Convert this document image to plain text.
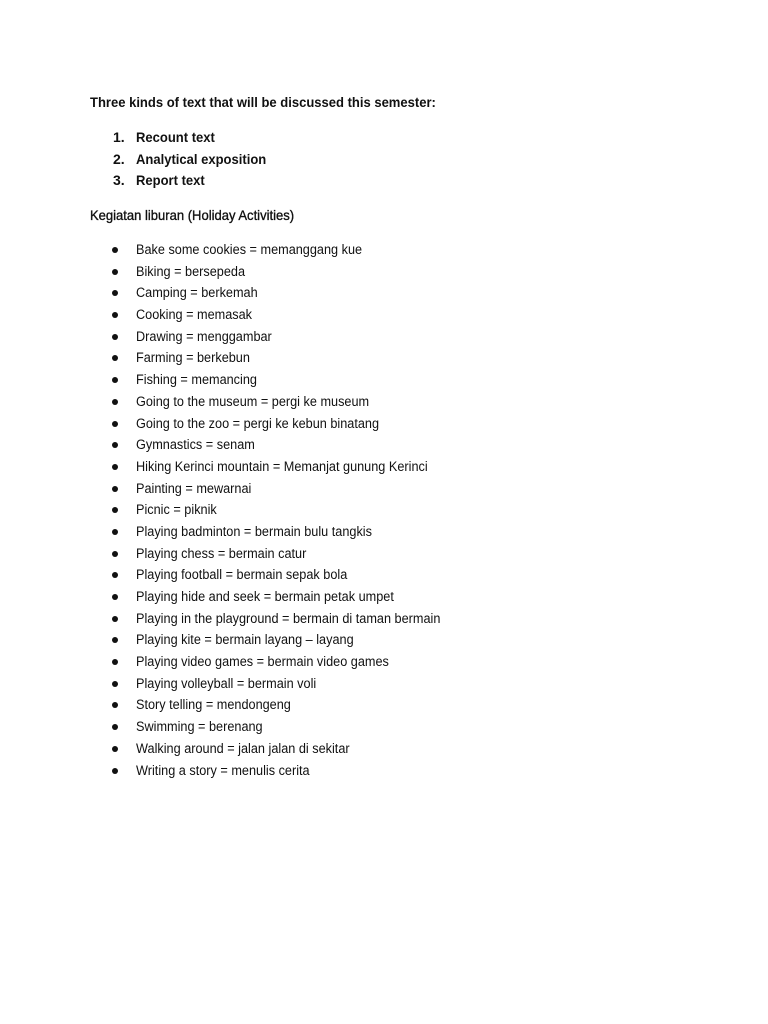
Three kinds of text that will be discussed this semester:
1. Recount text
2. Analytical exposition
3. Report text
Kegiatan liburan (Holiday Activities)
Bake some cookies = memanggang kue
Biking = bersepeda
Camping = berkemah
Cooking = memasak
Drawing = menggambar
Farming = berkebun
Fishing = memancing
Going to the museum = pergi ke museum
Going to the zoo = pergi ke kebun binatang
Gymnastics = senam
Hiking Kerinci mountain = Memanjat gunung Kerinci
Painting = mewarnai
Picnic = piknik
Playing badminton = bermain bulu tangkis
Playing chess = bermain catur
Playing football = bermain sepak bola
Playing hide and seek = bermain petak umpet
Playing in the playground = bermain di taman bermain
Playing kite = bermain layang – layang
Playing video games = bermain video games
Playing volleyball = bermain voli
Story telling = mendongeng
Swimming = berenang
Walking around = jalan jalan di sekitar
Writing a story = menulis cerita
